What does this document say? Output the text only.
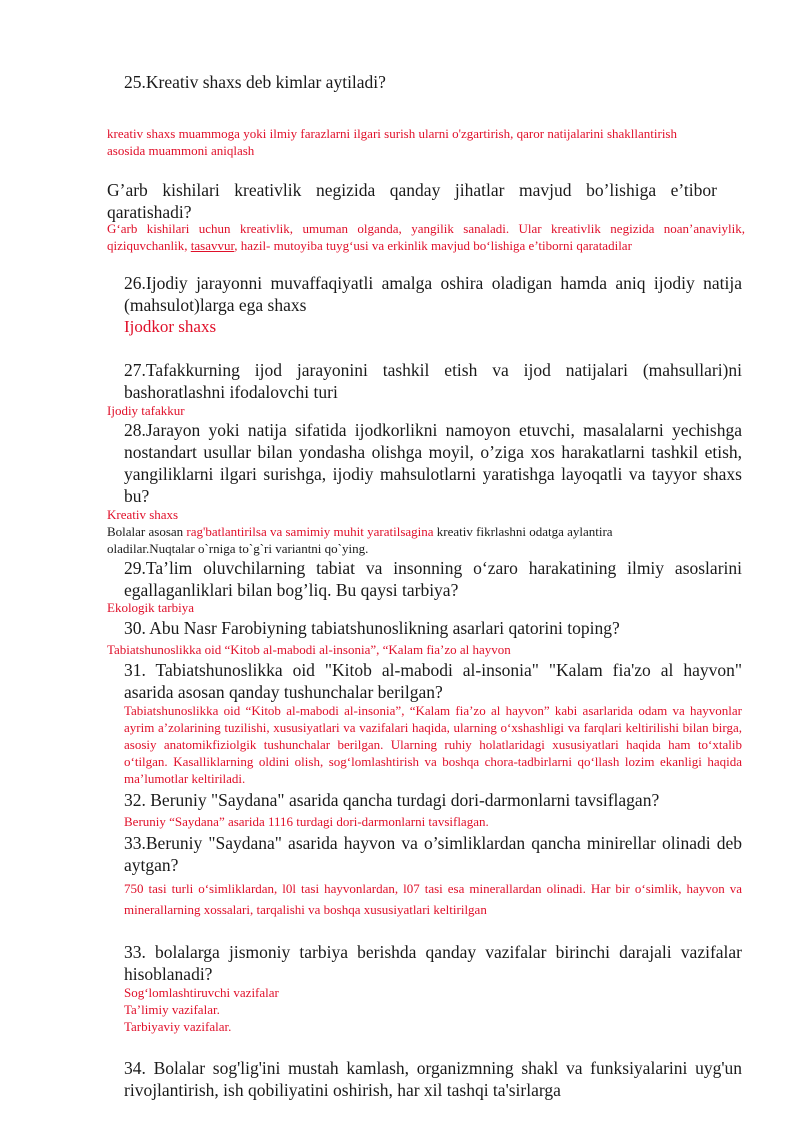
25.Kreativ shaxs deb kimlar aytiladi?

kreativ shaxs muammoga yoki ilmiy farazlarni ilgari surish ularni o'zgartirish, qaror natijalarini shakllantirish asosida muammoni aniqlash

G’arb kishilari kreativlik negizida qanday jihatlar mavjud bo’lishiga e’tibor qaratishadi?

G‘arb kishilari uchun kreativlik, umuman olganda, yangilik sanaladi. Ular kreativlik negizida noan’anaviylik, qiziquvchanlik, tasavvur, hazil- mutoyiba tuyg‘usi va erkinlik mavjud bo‘lishiga e’tiborni qaratadilar

26.Ijodiy jarayonni muvaffaqiyatli amalga oshira oladigan hamda aniq ijodiy natija (mahsulot)larga ega shaxs

Ijodkor shaxs

27.Tafakkurning ijod jarayonini tashkil etish va ijod natijalari (mahsullari)ni bashoratlashni ifodalovchi turi

Ijodiy tafakkur

28.Jarayon yoki natija sifatida ijodkorlikni namoyon etuvchi, masalalarni yechishga nostandart usullar bilan yondasha olishga moyil, o’ziga xos harakatlarni tashkil etish, yangiliklarni ilgari surishga, ijodiy mahsulotlarni yaratishga layoqatli va tayyor shaxs bu?

Kreativ shaxs

Bolalar asosan rag'batlantirilsa va samimiy muhit yaratilsagina kreativ fikrlashni odatga aylantira oladilar.Nuqtalar o`rniga to`g`ri variantni qo`ying.

29.Ta’lim oluvchilarning tabiat va insonning o‘zaro harakatining ilmiy asoslarini egallaganliklari bilan bog’liq. Bu qaysi tarbiya?

Ekologik tarbiya

30. Abu Nasr Farobiyning tabiatshunoslikning asarlari qatorini toping?

Tabiatshunoslikka oid “Kitob al-mabodi al-insonia”, “Kalam fia’zo al hayvon

31. Tabiatshunoslikka oid "Kitob al-mabodi al-insonia" "Kalam fia'zo al hayvon" asarida asosan qanday tushunchalar berilgan?

Tabiatshunoslikka oid “Kitob al-mabodi al-insonia”, “Kalam fia’zo al hayvon” kabi asarlarida odam va hayvonlar ayrim a’zolarining tuzilishi, xususiyatlari va vazifalari haqida, ularning o‘xshashligi va farqlari keltirilishi bilan birga, asosiy anatomikfiziolgik tushunchalar berilgan. Ularning ruhiy holatlaridagi xususiyatlari haqida ham to‘xtalib o‘tilgan. Kasalliklarning oldini olish, sog‘lomlashtirish va boshqa chora-tadbirlarni qo‘llash lozim ekanligi haqida ma’lumotlar keltiriladi.

32. Beruniy "Saydana" asarida qancha turdagi dori-darmonlarni tavsiflagan?

Beruniy “Saydana” asarida 1116 turdagi dori-darmonlarni tavsiflagan.

33.Beruniy "Saydana" asarida hayvon va o’simliklardan qancha minirellar olinadi deb aytgan?

750 tasi turli o‘simliklardan, l0l tasi hayvonlardan, l07 tasi esa minerallardan olinadi. Har bir o‘simlik, hayvon va minerallarning xossalari, tarqalishi va boshqa xususiyatlari keltirilgan

33. bolalarga jismoniy tarbiya berishda qanday vazifalar birinchi darajali vazifalar hisoblanadi?

Sog‘lomlashtiruvchi vazifalar

Ta’limiy vazifalar.

Tarbiyaviy vazifalar.

34. Bolalar sog'lig'ini mustah kamlash, organizmning shakl va funksiyalarini uyg'un rivojlantirish, ish qobiliyatini oshirish, har xil tashqi ta'sirlarga
